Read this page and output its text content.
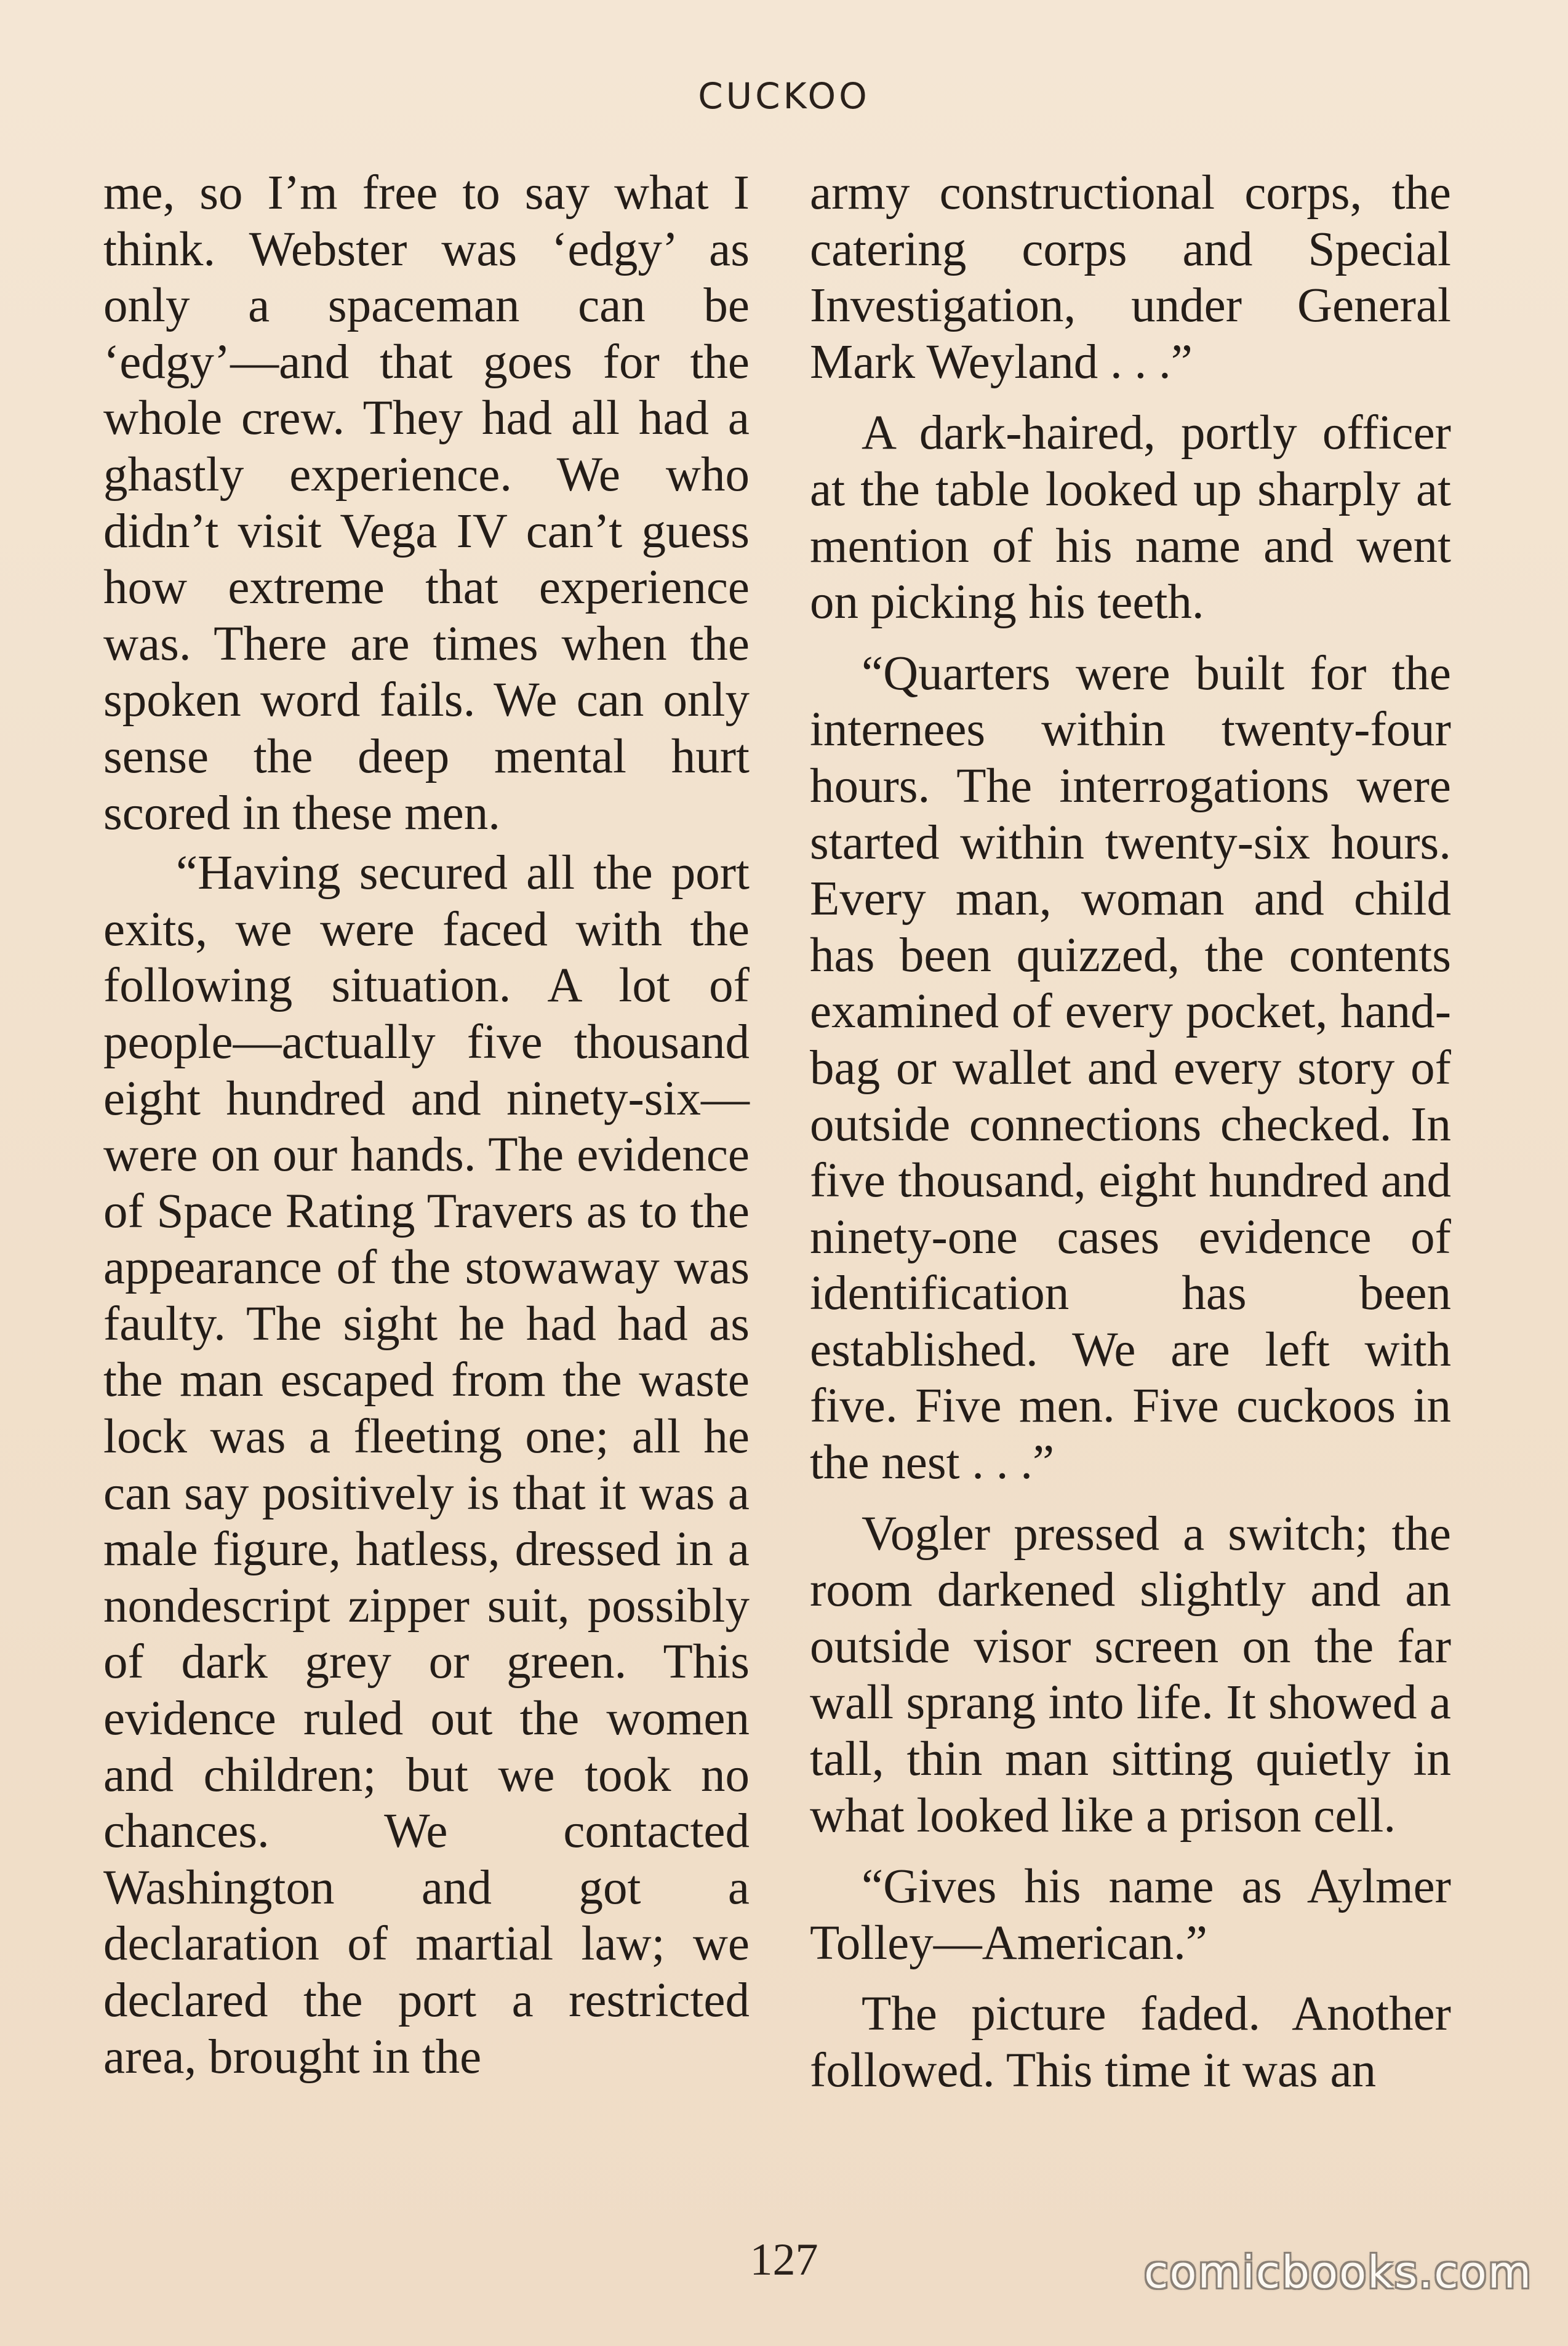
CUCKOO

me, so I’m free to say what I think. Webster was ‘edgy’ as only a spaceman can be ‘edgy’—and that goes for the whole crew. They had all had a ghastly experience. We who didn’t visit Vega IV can’t guess how extreme that experience was. There are times when the spoken word fails. We can only sense the deep mental hurt scored in these men.

“Having secured all the port exits, we were faced with the following situation. A lot of people—actually five thousand eight hundred and ninety-six—were on our hands. The evidence of Space Rating Travers as to the appearance of the stowaway was faulty. The sight he had had as the man escaped from the waste lock was a fleeting one; all he can say positively is that it was a male figure, hatless, dressed in a nondescript zipper suit, possibly of dark grey or green. This evidence ruled out the women and children; but we took no chances. We contacted Washington and got a declaration of martial law; we declared the port a restricted area, brought in the

army constructional corps, the catering corps and Special Investigation, under General Mark Weyland . . .”

A dark-haired, portly officer at the table looked up sharply at mention of his name and went on picking his teeth.

“Quarters were built for the internees within twenty-four hours. The interrogations were started within twenty-six hours. Every man, woman and child has been quizzed, the contents examined of every pocket, handbag or wallet and every story of outside connections checked. In five thousand, eight hundred and ninety-one cases evidence of identification has been established. We are left with five. Five men. Five cuckoos in the nest . . .”

Vogler pressed a switch; the room darkened slightly and an outside visor screen on the far wall sprang into life. It showed a tall, thin man sitting quietly in what looked like a prison cell.

“Gives his name as Aylmer Tolley—American.”

The picture faded. Another followed. This time it was an

127	comicbooks.com
